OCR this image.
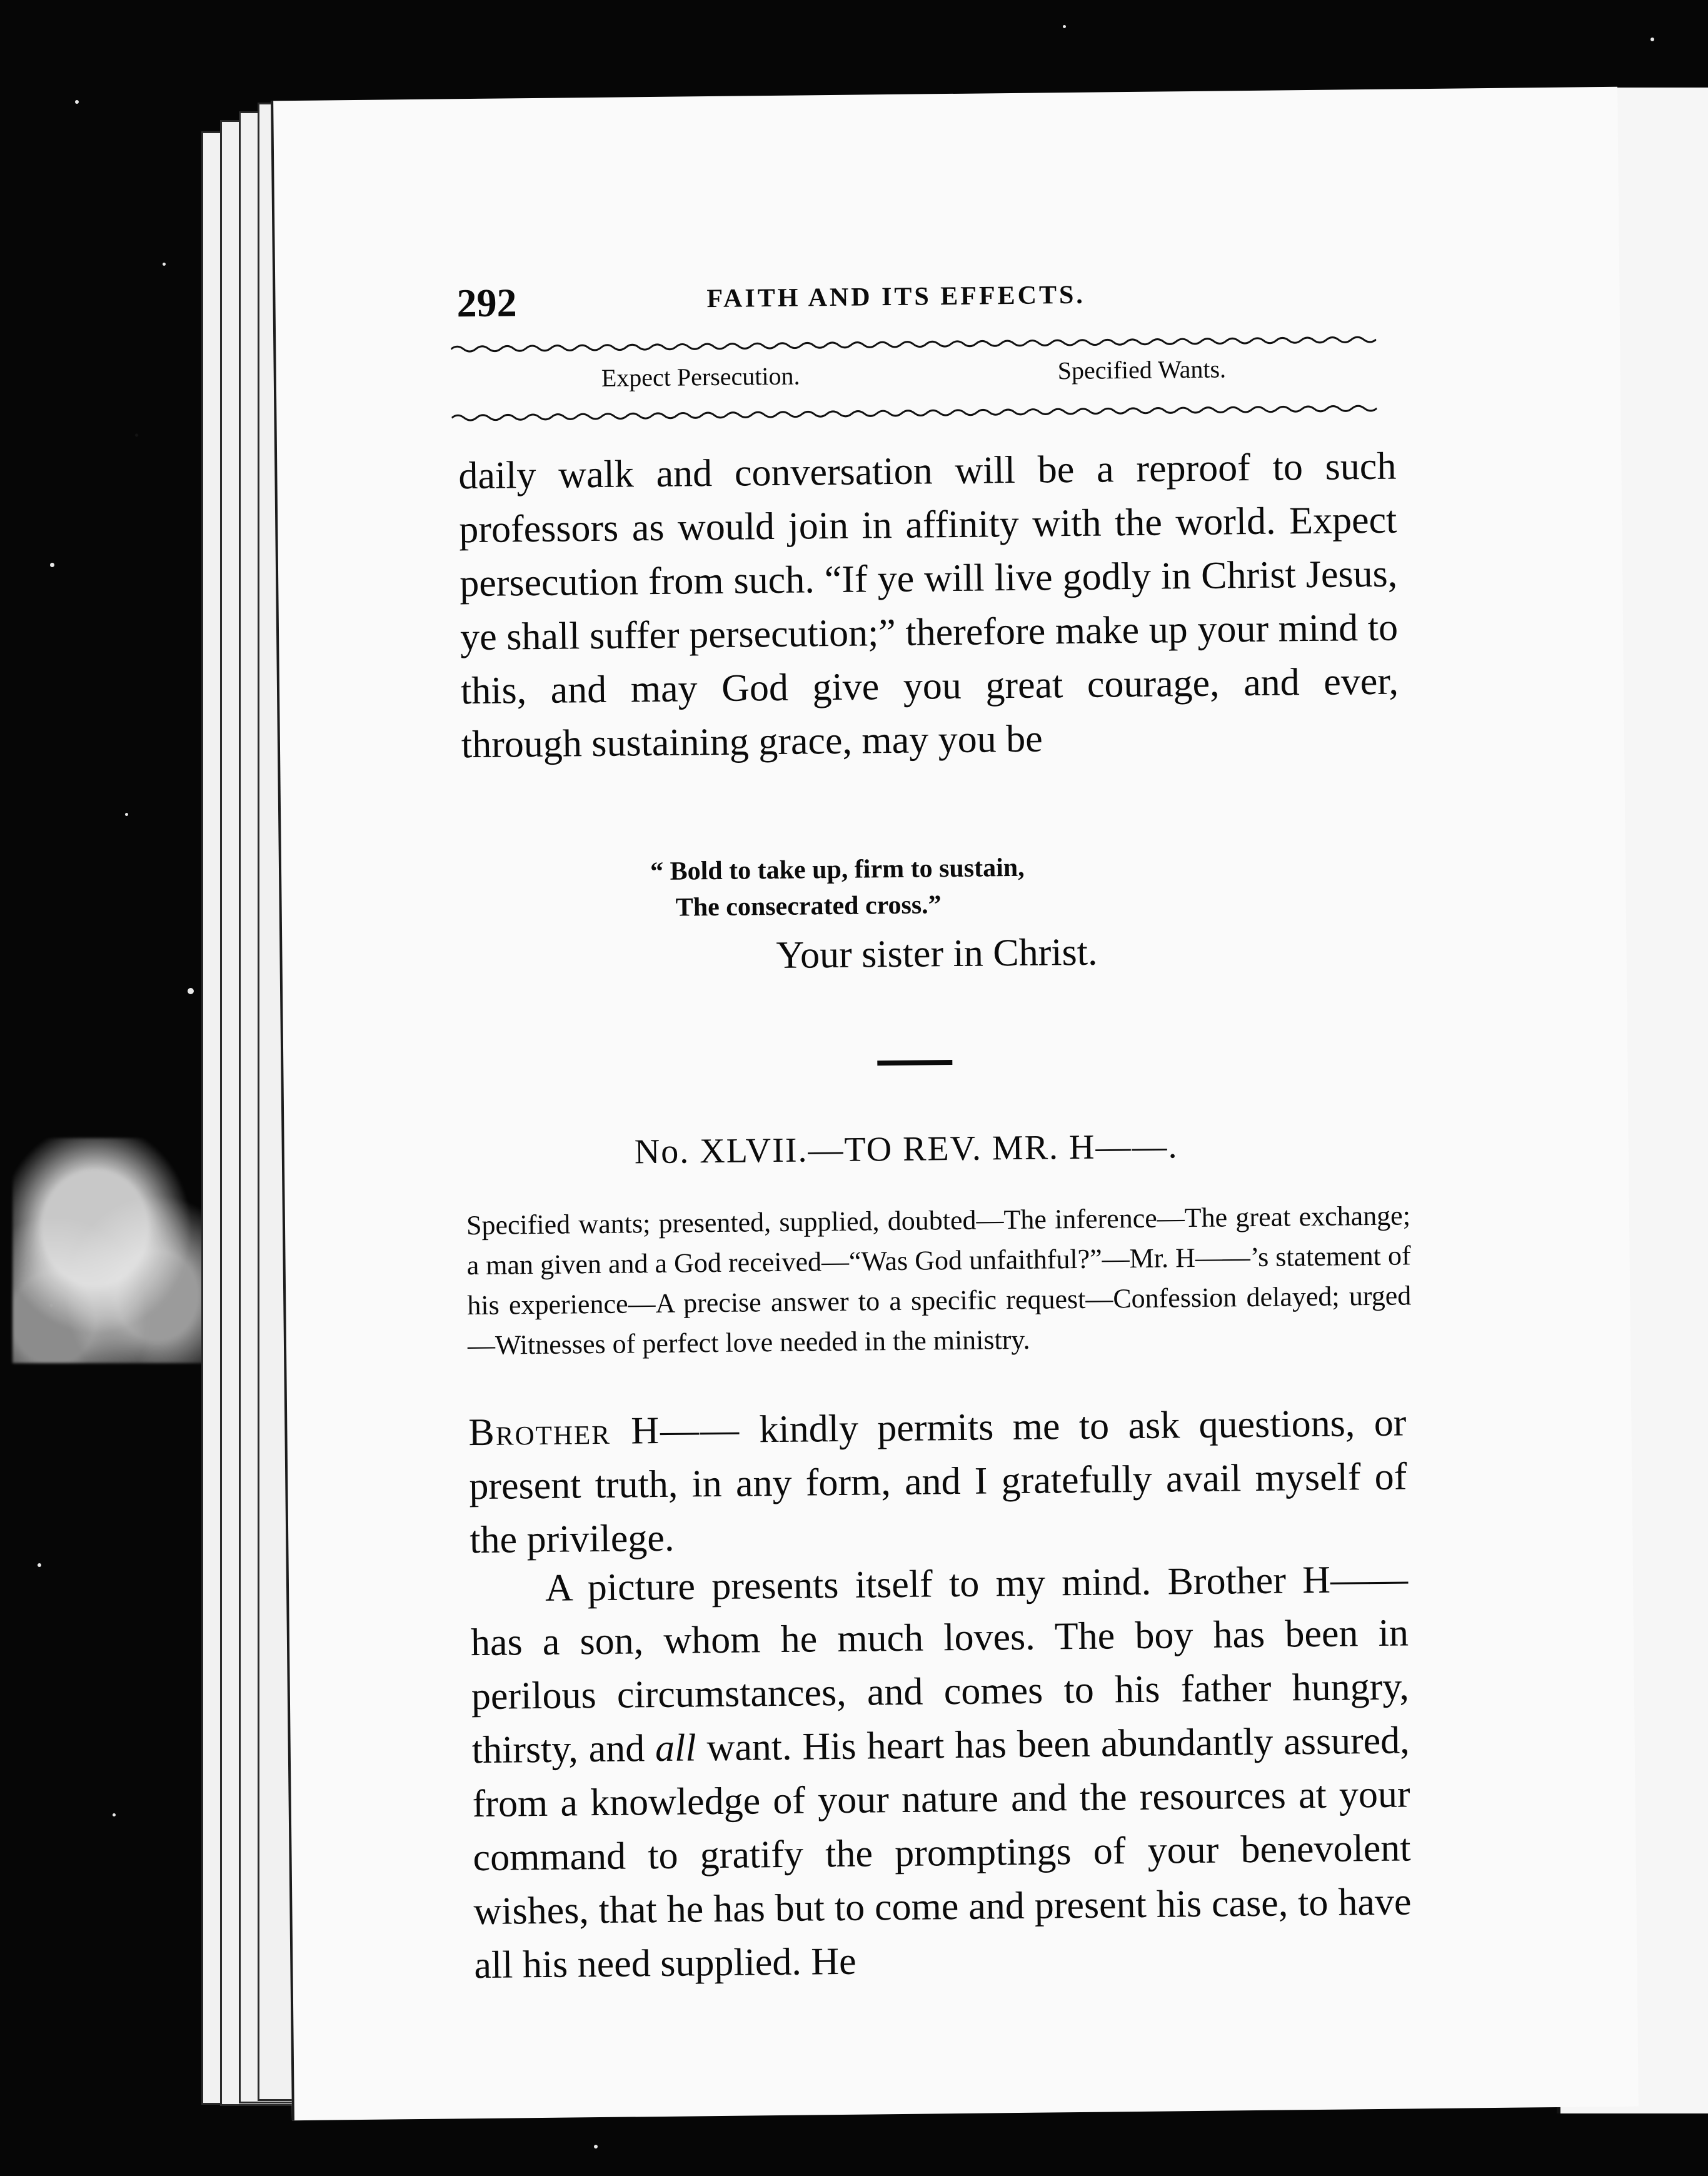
292	FAITH AND ITS EFFECTS.
Expect Persecution.	Specified Wants.

daily walk and conversation will be a reproof to such professors as would join in affinity with the world. Expect persecution from such. “If ye will live godly in Christ Jesus, ye shall suffer persecution;” therefore make up your mind to this, and may God give you great courage, and ever, through sustaining grace, may you be

“ Bold to take up, firm to sustain,
The consecrated cross.”
Your sister in Christ.
No. XLVII.—TO REV. MR. H——.

Specified wants; presented, supplied, doubted—The inference—The great exchange; a man given and a God received—“Was God unfaithful?”—Mr. H——’s statement of his experience—A precise answer to a specific request—Confession delayed; urged—Witnesses of perfect love needed in the ministry.

Brother H—— kindly permits me to ask questions, or present truth, in any form, and I gratefully avail myself of the privilege.

A picture presents itself to my mind. Brother H—— has a son, whom he much loves. The boy has been in perilous circumstances, and comes to his father hungry, thirsty, and all want. His heart has been abundantly assured, from a knowledge of your nature and the resources at your command to gratify the promptings of your benevolent wishes, that he has but to come and present his case, to have all his need supplied. He
